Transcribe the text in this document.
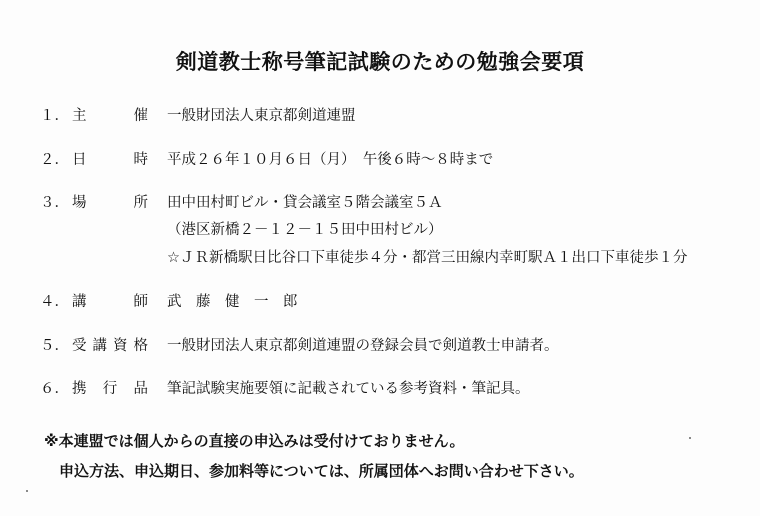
剣道教士称号筆記試験のための勉強会要項
１． 主	催 一般財団法人東京都剣道連盟
２． 日	時 平成２６年１０月６日（月）　午後６時～８時まで
３． 場	所 田中田村町ビル・貸会議室５階会議室５Ａ
（港区新橋２－１２－１５田中田村ビル）
☆ＪＲ新橋駅日比谷口下車徒歩４分・都営三田線内幸町駅Ａ１出口下車徒歩１分
４． 講	師 武　藤　健　一　郎
５． 受 講 資 格 一般財団法人東京都剣道連盟の登録会員で剣道教士申請者。
６． 携 行 品 筆記試験実施要領に記載されている参考資料・筆記具。
※本連盟では個人からの直接の申込みは受付けておりません。
　申込方法、申込期日、参加料等については、所属団体へお問い合わせ下さい。
